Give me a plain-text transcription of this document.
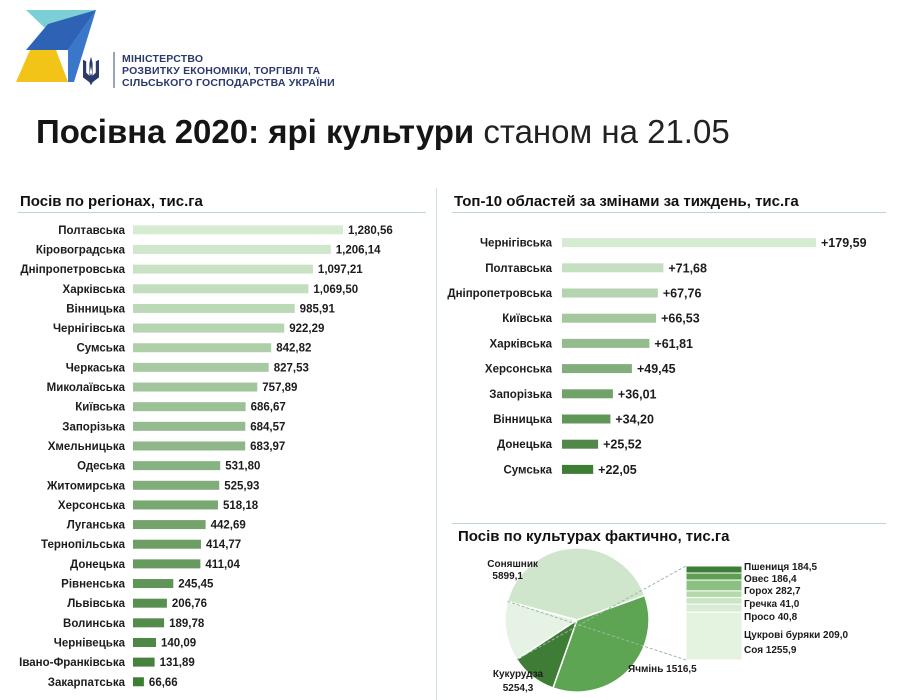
МІНІСТЕРСТВО
РОЗВИТКУ ЕКОНОМІКИ, ТОРГІВЛІ ТА
СІЛЬСЬКОГО ГОСПОДАРСТВА УКРАЇНИ
Посівна 2020: ярі культури станом на 21.05
Посів по регіонах, тис.га	Топ-10 областей за змінами за тиждень, тис.га
Посів по культурах фактично, тис.га
Полтавська	1,280,56
Кіровоградська	1,206,14
Дніпропетровська	1,097,21
Харківська	1,069,50
Вінницька	985,91
Чернігівська	922,29
Сумська	842,82
Черкаська	827,53
Миколаївська	757,89
Київська	686,67
Запорізька	684,57
Хмельницька	683,97
Одеська	531,80
Житомирська	525,93
Херсонська	518,18
Луганська	442,69
Тернопільська	414,77
Донецька	411,04
Рівненська	245,45
Львівська	206,76
Волинська	189,78
Чернівецька	140,09
Івано-Франківська	131,89
Закарпатська 66,66
Чернігівська	+179,59
Полтавська	+71,68
Дніпропетровська	+67,76
Київська	+66,53
Харківська	+61,81
Херсонська	+49,45
Запорізька	+36,01
Вінницька	+34,20
Донецька	+25,52
Сумська	+22,05
Пшениця 184,5
Овес 186,4
Горох 282,7
Гречка 41,0
Просо 40,8
Цукрові буряки 209,0
Соя 1255,9
Соняшник
5899,1
Кукурудза
5254,3
Ячмінь 1516,5
